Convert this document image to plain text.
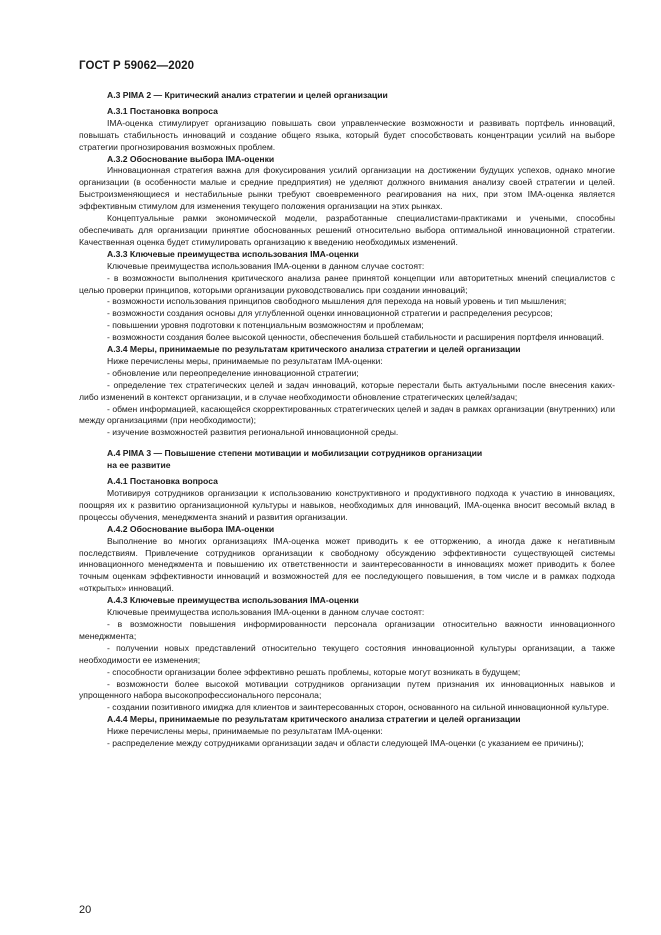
ГОСТ Р 59062—2020

A.3 PIMA 2 — Критический анализ стратегии и целей организации

A.3.1 Постановка вопроса

IMA-оценка стимулирует организацию повышать свои управленческие возможности и развивать портфель инноваций, повышать стабильность инноваций и создание общего языка, который будет способствовать концентрации усилий на выборе стратегии прогнозирования возможных проблем.

A.3.2 Обоснование выбора IMA-оценки

Инновационная стратегия важна для фокусирования усилий организации на достижении будущих успехов, однако многие организации (в особенности малые и средние предприятия) не уделяют должного внимания анализу своей стратегии и целей. Быстроизменяющиеся и нестабильные рынки требуют своевременного реагирования на них, при этом IMA-оценка является эффективным стимулом для изменения текущего положения организации на этих рынках.

Концептуальные рамки экономической модели, разработанные специалистами-практиками и учеными, способны обеспечивать для организации принятие обоснованных решений относительно выбора оптимальной инновационной стратегии. Качественная оценка будет стимулировать организацию к введению необходимых изменений.

A.3.3 Ключевые преимущества использования IMA-оценки

Ключевые преимущества использования IMA-оценки в данном случае состоят:

- в возможности выполнения критического анализа ранее принятой концепции или авторитетных мнений специалистов с целью проверки принципов, которыми организации руководствовались при создании инноваций;

- возможности использования принципов свободного мышления для перехода на новый уровень и тип мышления;

- возможности создания основы для углубленной оценки инновационной стратегии и распределения ресурсов;

- повышении уровня подготовки к потенциальным возможностям и проблемам;

- возможности создания более высокой ценности, обеспечения большей стабильности и расширения портфеля инноваций.

A.3.4 Меры, принимаемые по результатам критического анализа стратегии и целей организации

Ниже перечислены меры, принимаемые по результатам IMA-оценки:

- обновление или переопределение инновационной стратегии;

- определение тех стратегических целей и задач инноваций, которые перестали быть актуальными после внесения каких-либо изменений в контекст организации, и в случае необходимости обновление стратегических целей/задач;

- обмен информацией, касающейся скорректированных стратегических целей и задач в рамках организации (внутренних) или между организациями (при необходимости);

- изучение возможностей развития региональной инновационной среды.

A.4 PIMA 3 — Повышение степени мотивации и мобилизации сотрудников организации

на ее развитие

A.4.1 Постановка вопроса

Мотивируя сотрудников организации к использованию конструктивного и продуктивного подхода к участию в инновациях, поощряя их к развитию организационной культуры и навыков, необходимых для инноваций, IMA-оценка вносит весомый вклад в процессы обучения, менеджмента знаний и развития организации.

A.4.2 Обоснование выбора IMA-оценки

Выполнение во многих организациях IMA-оценка может приводить к ее отторжению, а иногда даже к негативным последствиям. Привлечение сотрудников организации к свободному обсуждению эффективности существующей системы инновационного менеджмента и повышению их ответственности и заинтересованности в инновациях может приводить к более точным оценкам эффективности инноваций и возможностей для ее последующего повышения, в том числе и в рамках подхода «открытых» инноваций.

A.4.3 Ключевые преимущества использования IMA-оценки

Ключевые преимущества использования IMA-оценки в данном случае состоят:

- в возможности повышения информированности персонала организации относительно важности инновационного менеджмента;

- получении новых представлений относительно текущего состояния инновационной культуры организации, а также необходимости ее изменения;

- способности организации более эффективно решать проблемы, которые могут возникать в будущем;

- возможности более высокой мотивации сотрудников организации путем признания их инновационных навыков и упрощенного набора высокопрофессионального персонала;

- создании позитивного имиджа для клиентов и заинтересованных сторон, основанного на сильной инновационной культуре.

A.4.4 Меры, принимаемые по результатам критического анализа стратегии и целей организации

Ниже перечислены меры, принимаемые по результатам IMA-оценки:

- распределение между сотрудниками организации задач и области следующей IMA-оценки (с указанием ее причины);

20
